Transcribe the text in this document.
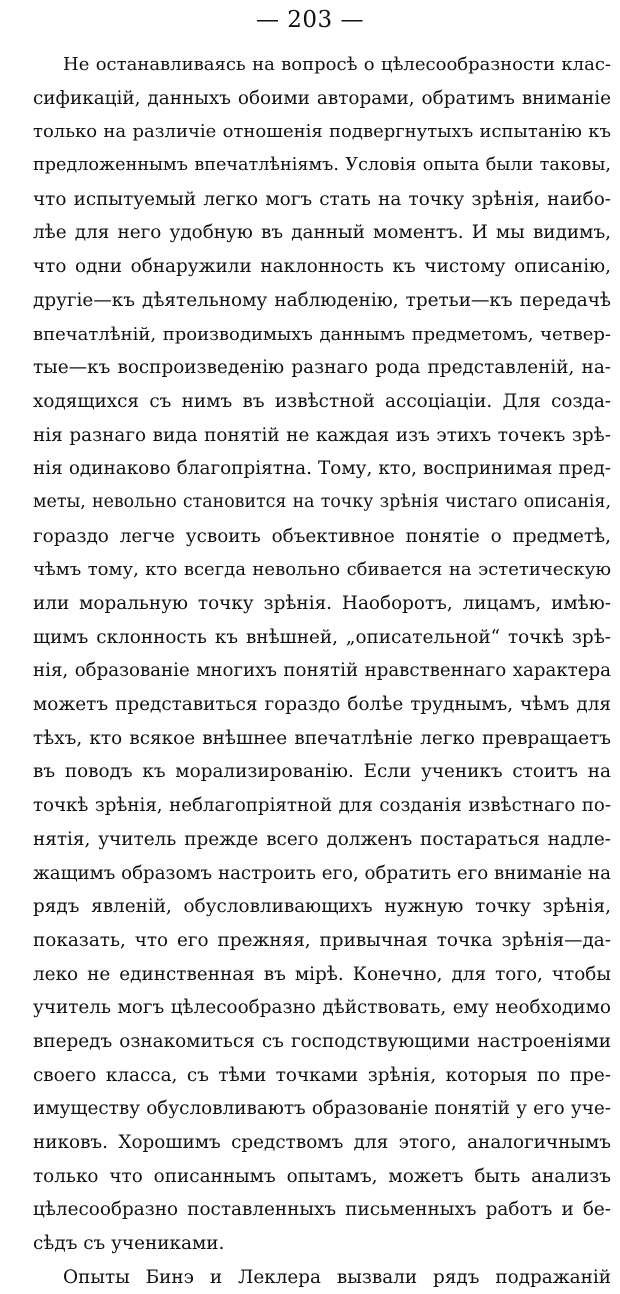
— 203 —
Не останавливаясь на вопросѣ о цѣлесообразности клас-
сификацій, данныхъ обоими авторами, обратимъ вниманіе
только на различіе отношенія подвергнутыхъ испытанію къ
предложеннымъ впечатлѣніямъ. Условія опыта были таковы,
что испытуемый легко могъ стать на точку зрѣнія, наибо-
лѣе для него удобную въ данный моментъ. И мы видимъ,
что одни обнаружили наклонность къ чистому описанію,
другіе—къ дѣятельному наблюденію, третьи—къ передачѣ
впечатлѣній, производимыхъ даннымъ предметомъ, четвер-
тые—къ воспроизведенію разнаго рода представленій, на-
ходящихся съ нимъ въ извѣстной ассоціаціи. Для созда-
нія разнаго вида понятій не каждая изъ этихъ точекъ зрѣ-
нія одинаково благопріятна. Тому, кто, воспринимая пред-
меты, невольно становится на точку зрѣнія чистаго описанія,
гораздо легче усвоить объективное понятіе о предметѣ,
чѣмъ тому, кто всегда невольно сбивается на эстетическую
или моральную точку зрѣнія. Наоборотъ, лицамъ, имѣю-
щимъ склонность къ внѣшней, „описательной“ точкѣ зрѣ-
нія, образованіе многихъ понятій нравственнаго характера
можетъ представиться гораздо болѣе труднымъ, чѣмъ для
тѣхъ, кто всякое внѣшнее впечатлѣніе легко превращаетъ
въ поводъ къ морализированію. Если ученикъ стоитъ на
точкѣ зрѣнія, неблагопріятной для созданія извѣстнаго по-
нятія, учитель прежде всего долженъ постараться надле-
жащимъ образомъ настроить его, обратить его вниманіе на
рядъ явленій, обусловливающихъ нужную точку зрѣнія,
показать, что его прежняя, привычная точка зрѣнія—да-
леко не единственная въ мірѣ. Конечно, для того, чтобы
учитель могъ цѣлесообразно дѣйствовать, ему необходимо
впередъ ознакомиться съ господствующими настроеніями
своего класса, съ тѣми точками зрѣнія, которыя по пре-
имуществу обусловливаютъ образованіе понятій у его уче-
никовъ. Хорошимъ средствомъ для этого, аналогичнымъ
только что описаннымъ опытамъ, можетъ быть анализъ
цѣлесообразно поставленныхъ письменныхъ работъ и бе-
сѣдъ съ учениками.
Опыты Бинэ и Леклера вызвали рядъ подражаній
